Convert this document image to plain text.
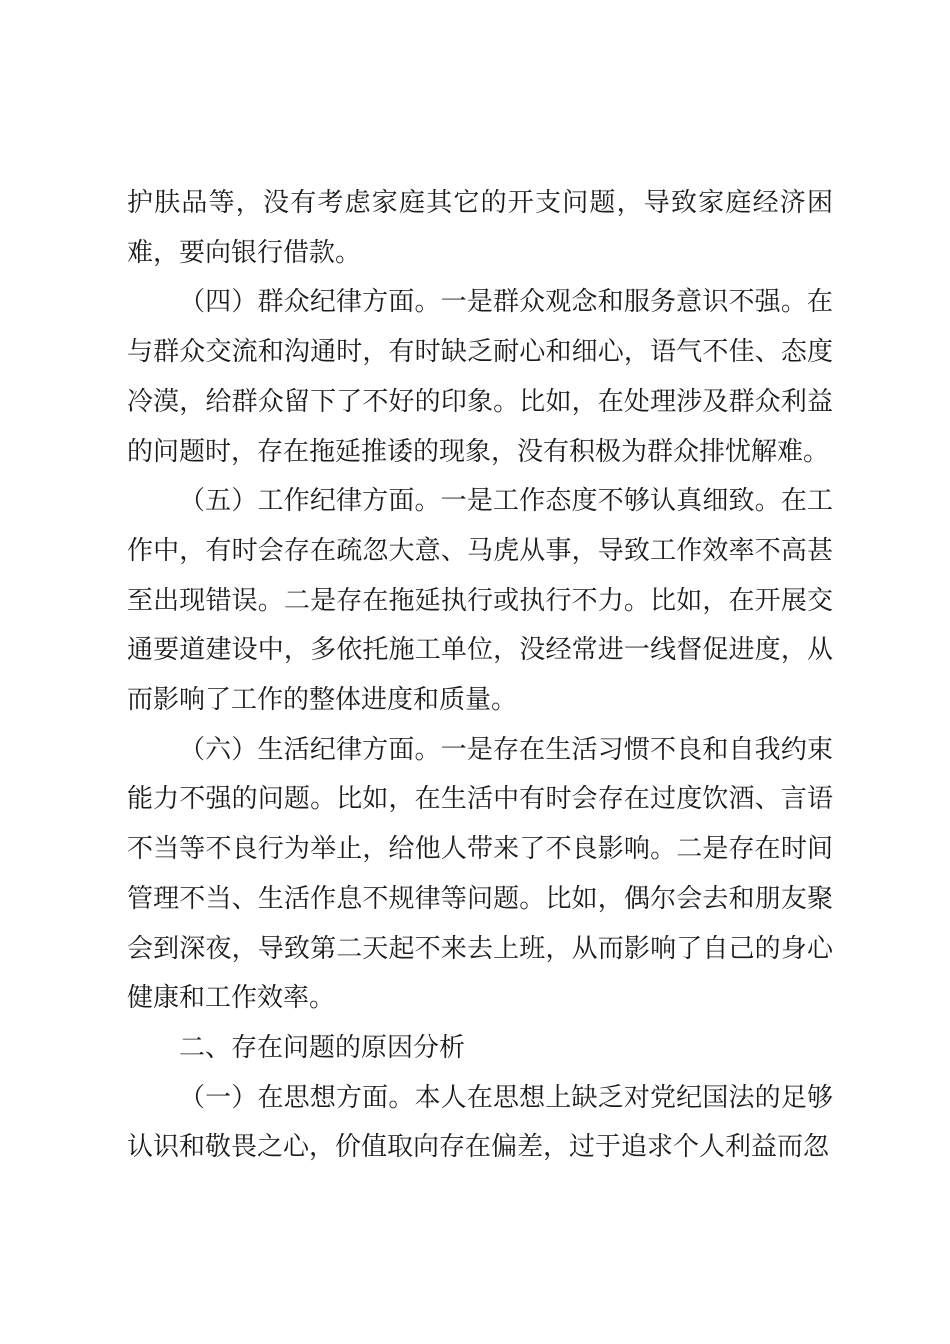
护肤品等，没有考虑家庭其它的开支问题，导致家庭经济困难，要向银行借款。

（四）群众纪律方面。一是群众观念和服务意识不强。在与群众交流和沟通时，有时缺乏耐心和细心，语气不佳、态度冷漠，给群众留下了不好的印象。比如，在处理涉及群众利益的问题时，存在拖延推诿的现象，没有积极为群众排忧解难。

（五）工作纪律方面。一是工作态度不够认真细致。在工作中，有时会存在疏忽大意、马虎从事，导致工作效率不高甚至出现错误。二是存在拖延执行或执行不力。比如，在开展交通要道建设中，多依托施工单位，没经常进一线督促进度，从而影响了工作的整体进度和质量。

（六）生活纪律方面。一是存在生活习惯不良和自我约束能力不强的问题。比如，在生活中有时会存在过度饮酒、言语不当等不良行为举止，给他人带来了不良影响。二是存在时间管理不当、生活作息不规律等问题。比如，偶尔会去和朋友聚会到深夜，导致第二天起不来去上班，从而影响了自己的身心健康和工作效率。

二、存在问题的原因分析

（一）在思想方面。本人在思想上缺乏对党纪国法的足够认识和敬畏之心，价值取向存在偏差，过于追求个人利益而忽
